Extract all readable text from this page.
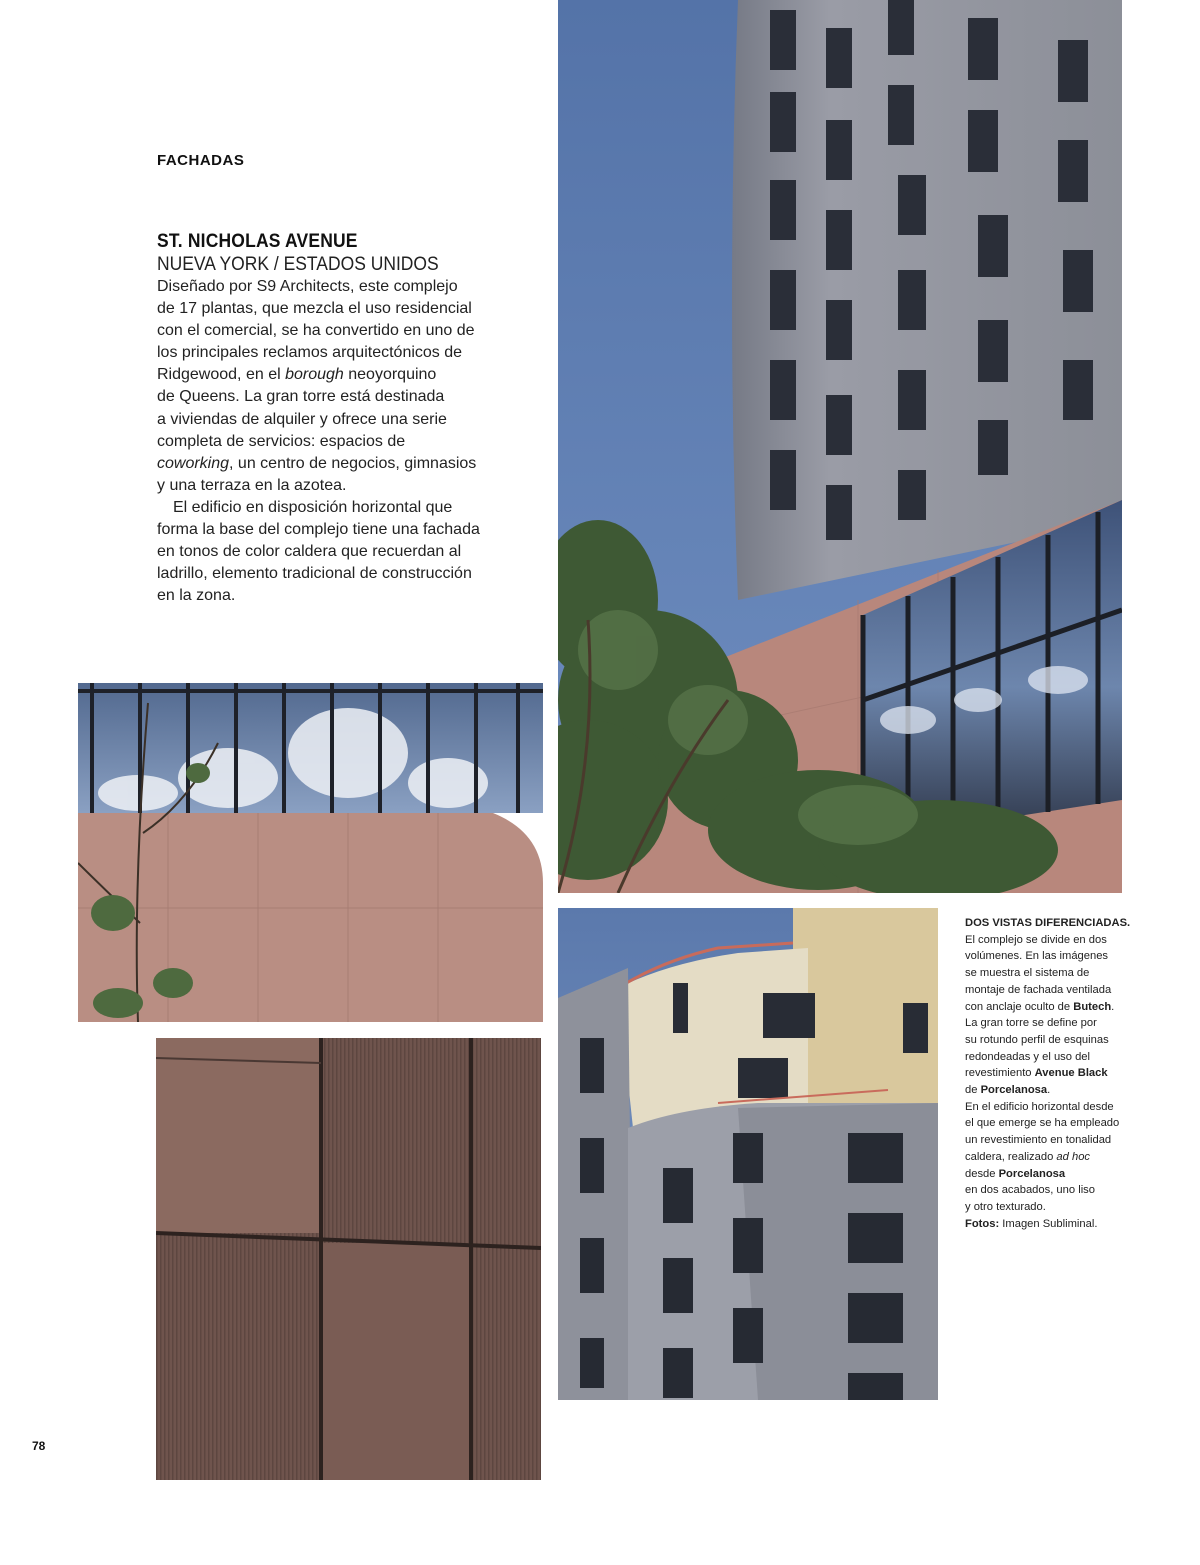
FACHADAS
ST. NICHOLAS AVENUE
NUEVA YORK / ESTADOS UNIDOS

Diseñado por S9 Architects, este complejo
de 17 plantas, que mezcla el uso residencial
con el comercial, se ha convertido en uno de
los principales reclamos arquitectónicos de
Ridgewood, en el borough neoyorquino
de Queens. La gran torre está destinada
a viviendas de alquiler y ofrece una serie
completa de servicios: espacios de
coworking, un centro de negocios, gimnasios
y una terraza en la azotea.

El edificio en disposición horizontal que
forma la base del complejo tiene una fachada
en tonos de color caldera que recuerdan al
ladrillo, elemento tradicional de construcción
en la zona.

DOS VISTAS DIFERENCIADAS.
El complejo se divide en dos
volúmenes. En las imágenes
se muestra el sistema de
montaje de fachada ventilada
con anclaje oculto de Butech.
La gran torre se define por
su rotundo perfil de esquinas
redondeadas y el uso del
revestimiento Avenue Black
de Porcelanosa.
En el edificio horizontal desde
el que emerge se ha empleado
un revestimiento en tonalidad
caldera, realizado ad hoc
desde Porcelanosa
en dos acabados, uno liso
y otro texturado.
Fotos: Imagen Subliminal.
78
